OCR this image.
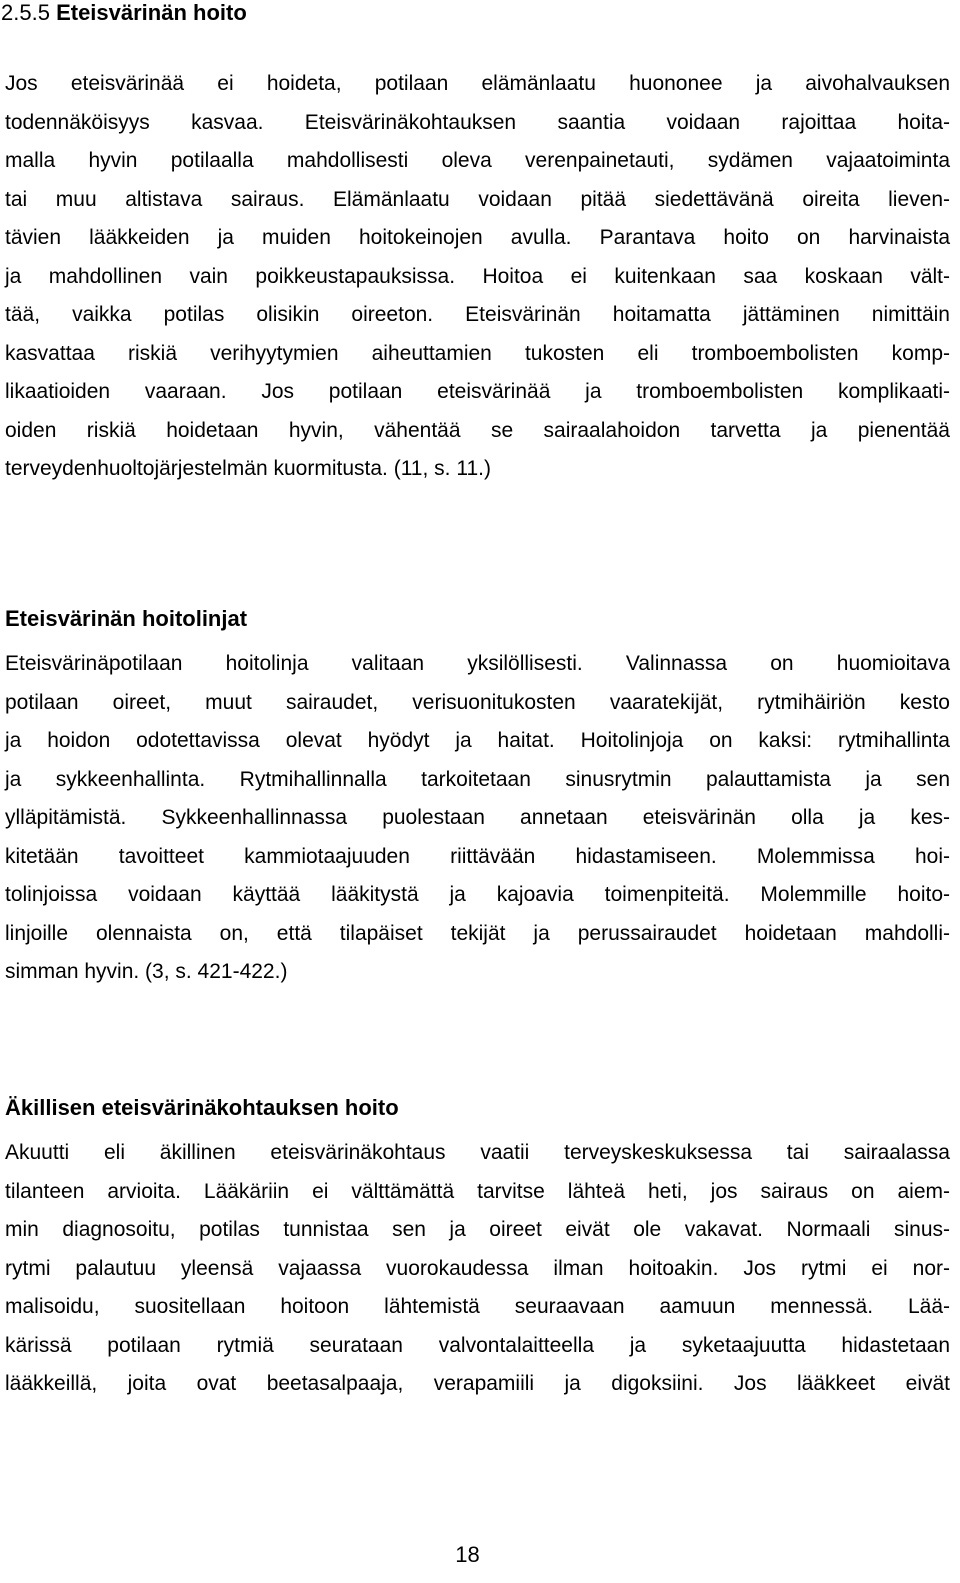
2.5.5 Eteisvärinän hoito

Jos eteisvärinää ei hoideta, potilaan elämänlaatu huononee ja aivohalvauksen
todennäköisyys kasvaa. Eteisvärinäkohtauksen saantia voidaan rajoittaa hoita-
malla hyvin potilaalla mahdollisesti oleva verenpainetauti, sydämen vajaatoiminta
tai muu altistava sairaus. Elämänlaatu voidaan pitää siedettävänä oireita lieven-
tävien lääkkeiden ja muiden hoitokeinojen avulla. Parantava hoito on harvinaista
ja mahdollinen vain poikkeustapauksissa. Hoitoa ei kuitenkaan saa koskaan vält-
tää, vaikka potilas olisikin oireeton. Eteisvärinän hoitamatta jättäminen nimittäin
kasvattaa riskiä verihyytymien aiheuttamien tukosten eli tromboembolisten komp-
likaatioiden vaaraan. Jos potilaan eteisvärinää ja tromboembolisten komplikaati-
oiden riskiä hoidetaan hyvin, vähentää se sairaalahoidon tarvetta ja pienentää
terveydenhuoltojärjestelmän kuormitusta. (11, s. 11.)

Eteisvärinän hoitolinjat

Eteisvärinäpotilaan hoitolinja valitaan yksilöllisesti. Valinnassa on huomioitava
potilaan oireet, muut sairaudet, verisuonitukosten vaaratekijät, rytmihäiriön kesto
ja hoidon odotettavissa olevat hyödyt ja haitat. Hoitolinjoja on kaksi: rytmihallinta
ja sykkeenhallinta. Rytmihallinnalla tarkoitetaan sinusrytmin palauttamista ja sen
ylläpitämistä. Sykkeenhallinnassa puolestaan annetaan eteisvärinän olla ja kes-
kitetään tavoitteet kammiotaajuuden riittävään hidastamiseen. Molemmissa hoi-
tolinjoissa voidaan käyttää lääkitystä ja kajoavia toimenpiteitä. Molemmille hoito-
linjoille olennaista on, että tilapäiset tekijät ja perussairaudet hoidetaan mahdolli-
simman hyvin. (3, s. 421-422.)

Äkillisen eteisvärinäkohtauksen hoito

Akuutti eli äkillinen eteisvärinäkohtaus vaatii terveyskeskuksessa tai sairaalassa
tilanteen arvioita. Lääkäriin ei välttämättä tarvitse lähteä heti, jos sairaus on aiem-
min diagnosoitu, potilas tunnistaa sen ja oireet eivät ole vakavat. Normaali sinus-
rytmi palautuu yleensä vajaassa vuorokaudessa ilman hoitoakin. Jos rytmi ei nor-
malisoidu, suositellaan hoitoon lähtemistä seuraavaan aamuun mennessä. Lää-
kärissä potilaan rytmiä seurataan valvontalaitteella ja syketaajuutta hidastetaan
lääkkeillä, joita ovat beetasalpaaja, verapamiili ja digoksiini. Jos lääkkeet eivät

18
